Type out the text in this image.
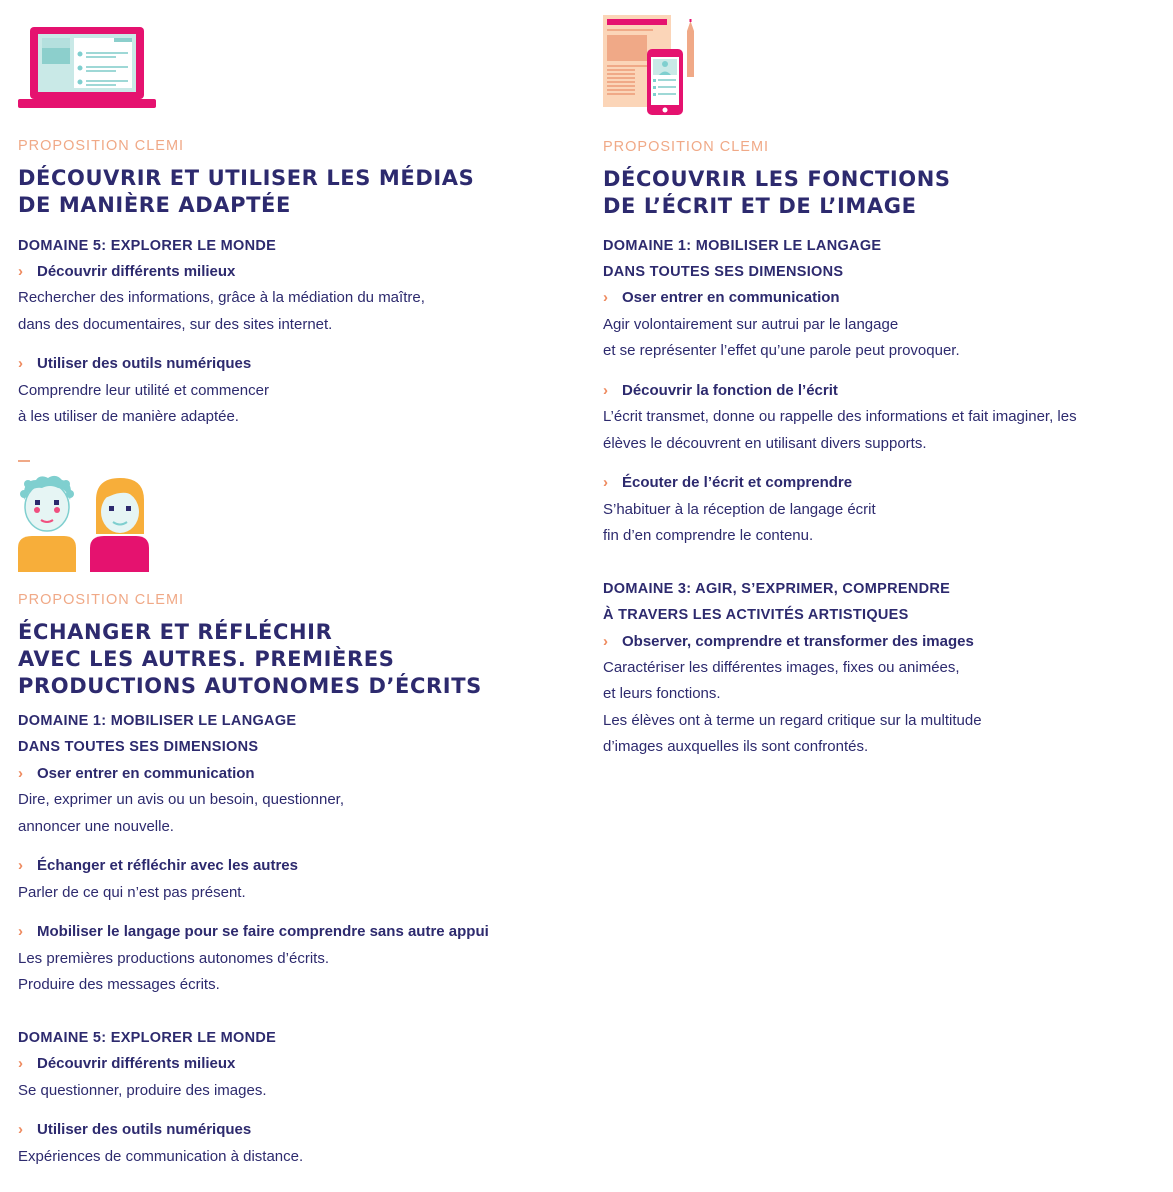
PROPOSITION CLEMI
DÉCOUVRIR ET UTILISER LES MÉDIAS
DE MANIÈRE ADAPTÉE
DOMAINE 5: EXPLORER LE MONDE
› Découvrir différents milieux
Rechercher des informations, grâce à la médiation du maître,
dans des documentaires, sur des sites internet.
› Utiliser des outils numériques
Comprendre leur utilité et commencer
à les utiliser de manière adaptée.
PROPOSITION CLEMI
ÉCHANGER ET RÉFLÉCHIR
AVEC LES AUTRES. PREMIÈRES
PRODUCTIONS AUTONOMES D’ÉCRITS
DOMAINE 1: MOBILISER LE LANGAGE
DANS TOUTES SES DIMENSIONS
› Oser entrer en communication
Dire, exprimer un avis ou un besoin, questionner,
annoncer une nouvelle.
› Échanger et réfléchir avec les autres
Parler de ce qui n’est pas présent.
› Mobiliser le langage pour se faire comprendre sans autre appui
Les premières productions autonomes d’écrits.
Produire des messages écrits.
DOMAINE 5: EXPLORER LE MONDE
› Découvrir différents milieux
Se questionner, produire des images.
› Utiliser des outils numériques
Expériences de communication à distance.
PROPOSITION CLEMI
DÉCOUVRIR LES FONCTIONS
DE L’ÉCRIT ET DE L’IMAGE
DOMAINE 1: MOBILISER LE LANGAGE
DANS TOUTES SES DIMENSIONS
› Oser entrer en communication
Agir volontairement sur autrui par le langage
et se représenter l’effet qu’une parole peut provoquer.
› Découvrir la fonction de l’écrit
L’écrit transmet, donne ou rappelle des informations et fait imaginer, les
élèves le découvrent en utilisant divers supports.
› Écouter de l’écrit et comprendre
S’habituer à la réception de langage écrit
fin d’en comprendre le contenu.
DOMAINE 3: AGIR, S’EXPRIMER, COMPRENDRE
À TRAVERS LES ACTIVITÉS ARTISTIQUES
› Observer, comprendre et transformer des images
Caractériser les différentes images, fixes ou animées,
et leurs fonctions.
Les élèves ont à terme un regard critique sur la multitude
d’images auxquelles ils sont confrontés.
